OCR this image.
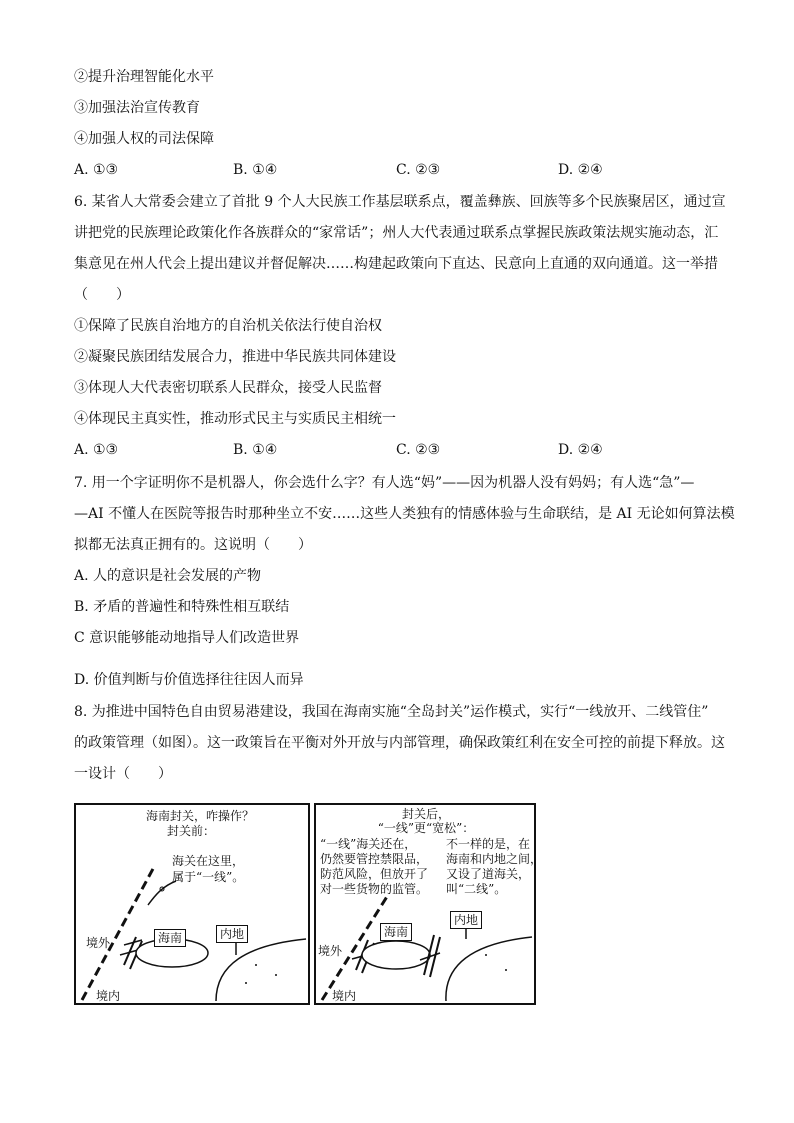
②提升治理智能化水平
③加强法治宣传教育
④加强人权的司法保障
A. ①③	B. ①④	C. ②③	D. ②④
6. 某省人大常委会建立了首批 9 个人大民族工作基层联系点，覆盖彝族、回族等多个民族聚居区，通过宣
讲把党的民族理论政策化作各族群众的“家常话”；州人大代表通过联系点掌握民族政策法规实施动态，汇
集意见在州人代会上提出建议并督促解决……构建起政策向下直达、民意向上直通的双向通道。这一举措
（　　）
①保障了民族自治地方的自治机关依法行使自治权
②凝聚民族团结发展合力，推进中华民族共同体建设
③体现人大代表密切联系人民群众，接受人民监督
④体现民主真实性，推动形式民主与实质民主相统一
A. ①③	B. ①④	C. ②③	D. ②④
7. 用一个字证明你不是机器人，你会选什么字？有人选“妈”——因为机器人没有妈妈；有人选“急”—
—AI 不懂人在医院等报告时那种坐立不安……这些人类独有的情感体验与生命联结，是 AI 无论如何算法模
拟都无法真正拥有的。这说明（　　）
A. 人的意识是社会发展的产物
B. 矛盾的普遍性和特殊性相互联结
C 意识能够能动地指导人们改造世界
D. 价值判断与价值选择往往因人而异
8. 为推进中国特色自由贸易港建设，我国在海南实施“全岛封关”运作模式，实行“一线放开、二线管住”
的政策管理（如图）。这一政策旨在平衡对外开放与内部管理，确保政策红利在安全可控的前提下释放。这
一设计（　　）
海南封关，咋操作？
封关前：
海关在这里，
属于“一线”。
海南	内地
境外
境内
封关后，
“一线”更“宽松”：
“一线”海关还在，
仍然要管控禁限品，
防范风险，但放开了
对一些货物的监管。
不一样的是，在
海南和内地之间，
又设了道海关，
叫“二线”。
海南
内地
境外
境内
